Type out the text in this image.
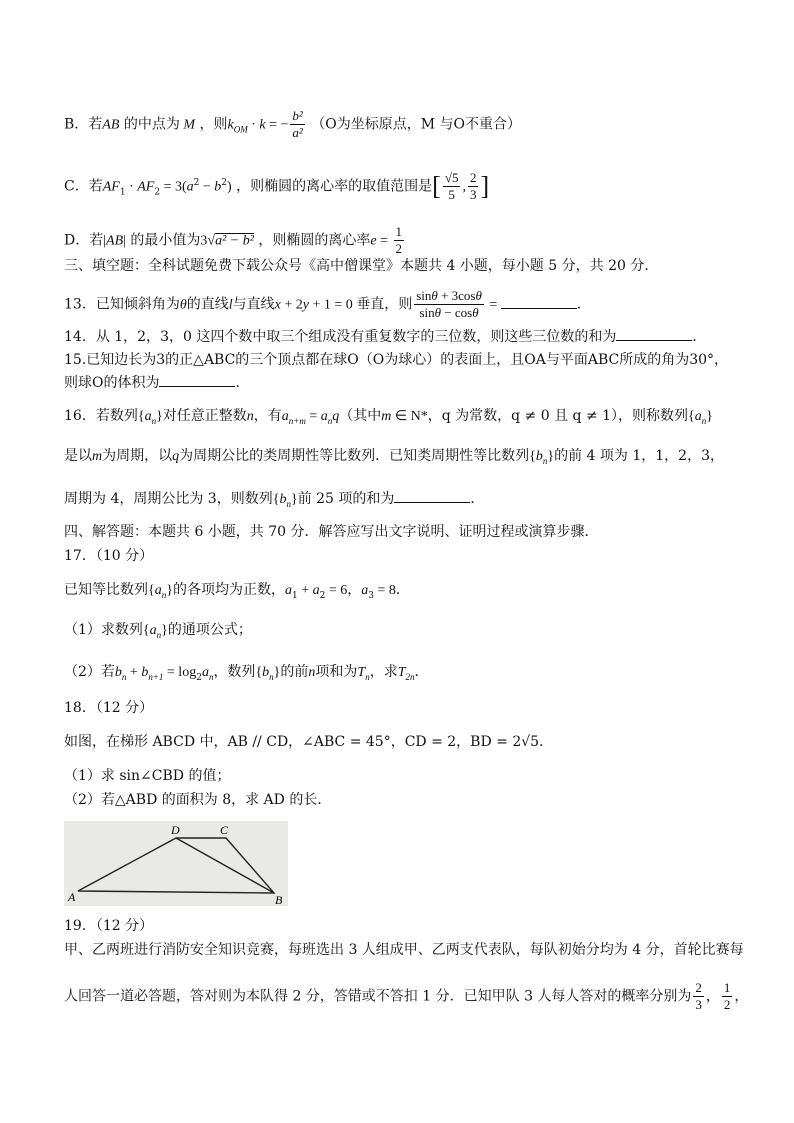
B．若AB 的中点为 M ，则$k_{OM} \cdot k$ = − $\frac{\text{b²}}{\text{a²}} (O$为坐标原点，M 与O不重合）
C．若$AF_1 \cdot AF_2 = 3(a^2 - b^2)$ ，则椭圆的离心率的取值范围是[ $\frac{√5}{5}$ , $\frac{2}{3}$ ]
D．若|AB| 的最小值为3√a² − b² ，则椭圆的离心率$e = \frac{1}{2}$
三、填空题：全科试题免费下载公众号《高中僧课堂》本题共 4 小题，每小题 5 分，共 20 分．
13．已知倾斜角为θ的直线l与直线x + 2y + 1 = 0 垂直，则 $\frac{\sin\theta + 3\cos\theta}{\sin\theta - \cos\theta}$ =	．
14．从 1，2，3，0 这四个数中取三个组成没有重复数字的三位数，则这些三位数的和为	．
15.已知边长为3的正△ABC的三个顶点都在球O（O为球心）的表面上，且OA与平面ABC所成的角为30°，
则球O的体积为	．
16．若数列$\{a_n\}$对任意正整数n，有$a_{n+m} = a_nq$（其中m ∈ N*，q 为常数，q ≠ 0 且 q ≠ 1），则称数列$\{a_n\}$
是以m为周期，以q为周期公比的类周期性等比数列．已知类周期性等比数列$\{b_n\}$的前 4 项为 1，1，2，3，
周期为 4，周期公比为 3，则数列$\{b_n\}$前 25 项的和为	．
四、解答题：本题共 6 小题，共 70 分．解答应写出文字说明、证明过程或演算步骤．
17．（10 分）
已知等比数列$\{a_n\}$的各项均为正数，$a_1 + a_2 = 6$，$a_3 = 8$．
（1）求数列$\{a_n\}$的通项公式；
（2）若$b_n + b_{n+1} = \log_2a_n$，数列$\{b_n\}$的前n项和为$T_n$，求$T_{2n}$．
18．（12 分）
如图，在梯形 ABCD 中，AB // CD，∠ABC = 45°，CD = 2，BD = 2√5．
（1）求 sin∠CBD 的值；
（2）若△ABD 的面积为 8，求 AD 的长．
D	C
A	B
19．（12 分）
甲、乙两班进行消防安全知识竞赛，每班选出 3 人组成甲、乙两支代表队，每队初始分均为 4 分，首轮比赛每
人回答一道必答题，答对则为本队得 2 分，答错或不答扣 1 分．已知甲队 3 人每人答对的概率分别为 $\frac{2}{3}$ ， $\frac{1}{2}$ ，
